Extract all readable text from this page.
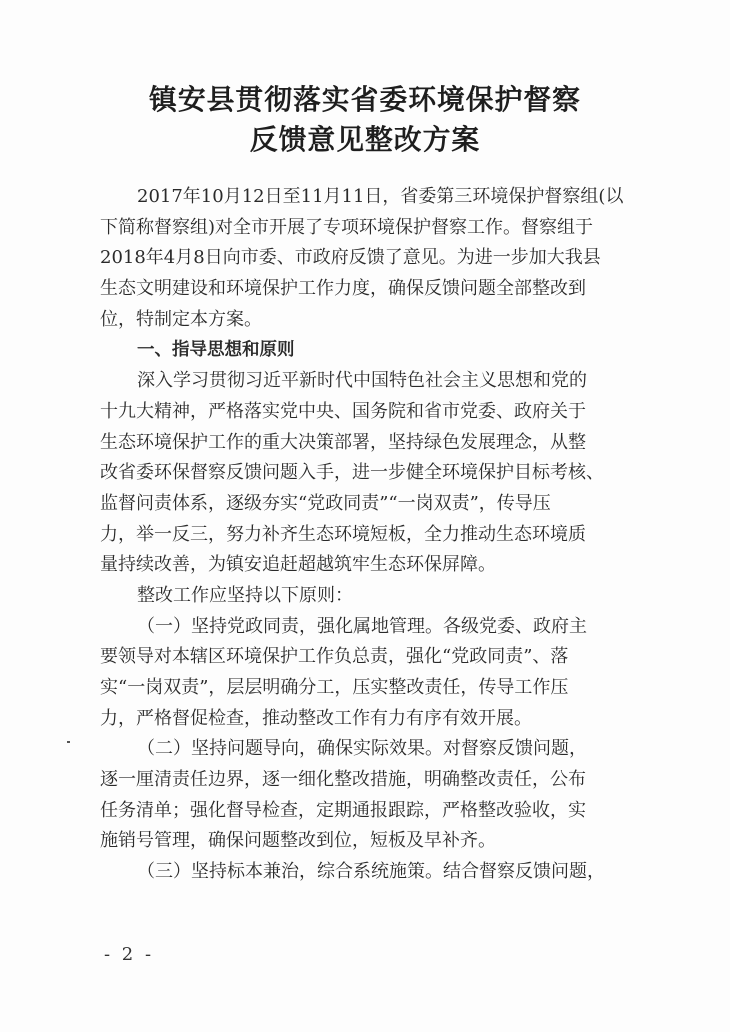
镇安县贯彻落实省委环境保护督察
反馈意见整改方案
2017年10月12日至11月11日，省委第三环境保护督察组(以
下简称督察组)对全市开展了专项环境保护督察工作。督察组于
2018年4月8日向市委、市政府反馈了意见。为进一步加大我县
生态文明建设和环境保护工作力度，确保反馈问题全部整改到
位，特制定本方案。
一、指导思想和原则
深入学习贯彻习近平新时代中国特色社会主义思想和党的
十九大精神，严格落实党中央、国务院和省市党委、政府关于
生态环境保护工作的重大决策部署，坚持绿色发展理念，从整
改省委环保督察反馈问题入手，进一步健全环境保护目标考核、
监督问责体系，逐级夯实“党政同责”“一岗双责”，传导压
力，举一反三，努力补齐生态环境短板，全力推动生态环境质
量持续改善，为镇安追赶超越筑牢生态环保屏障。
整改工作应坚持以下原则：
（一）坚持党政同责，强化属地管理。各级党委、政府主
要领导对本辖区环境保护工作负总责，强化“党政同责”、落
实“一岗双责”，层层明确分工，压实整改责任，传导工作压
力，严格督促检查，推动整改工作有力有序有效开展。
（二）坚持问题导向，确保实际效果。对督察反馈问题，
逐一厘清责任边界，逐一细化整改措施，明确整改责任，公布
任务清单；强化督导检查，定期通报跟踪，严格整改验收，实
施销号管理，确保问题整改到位，短板及早补齐。
（三）坚持标本兼治，综合系统施策。结合督察反馈问题，
- 2 -
